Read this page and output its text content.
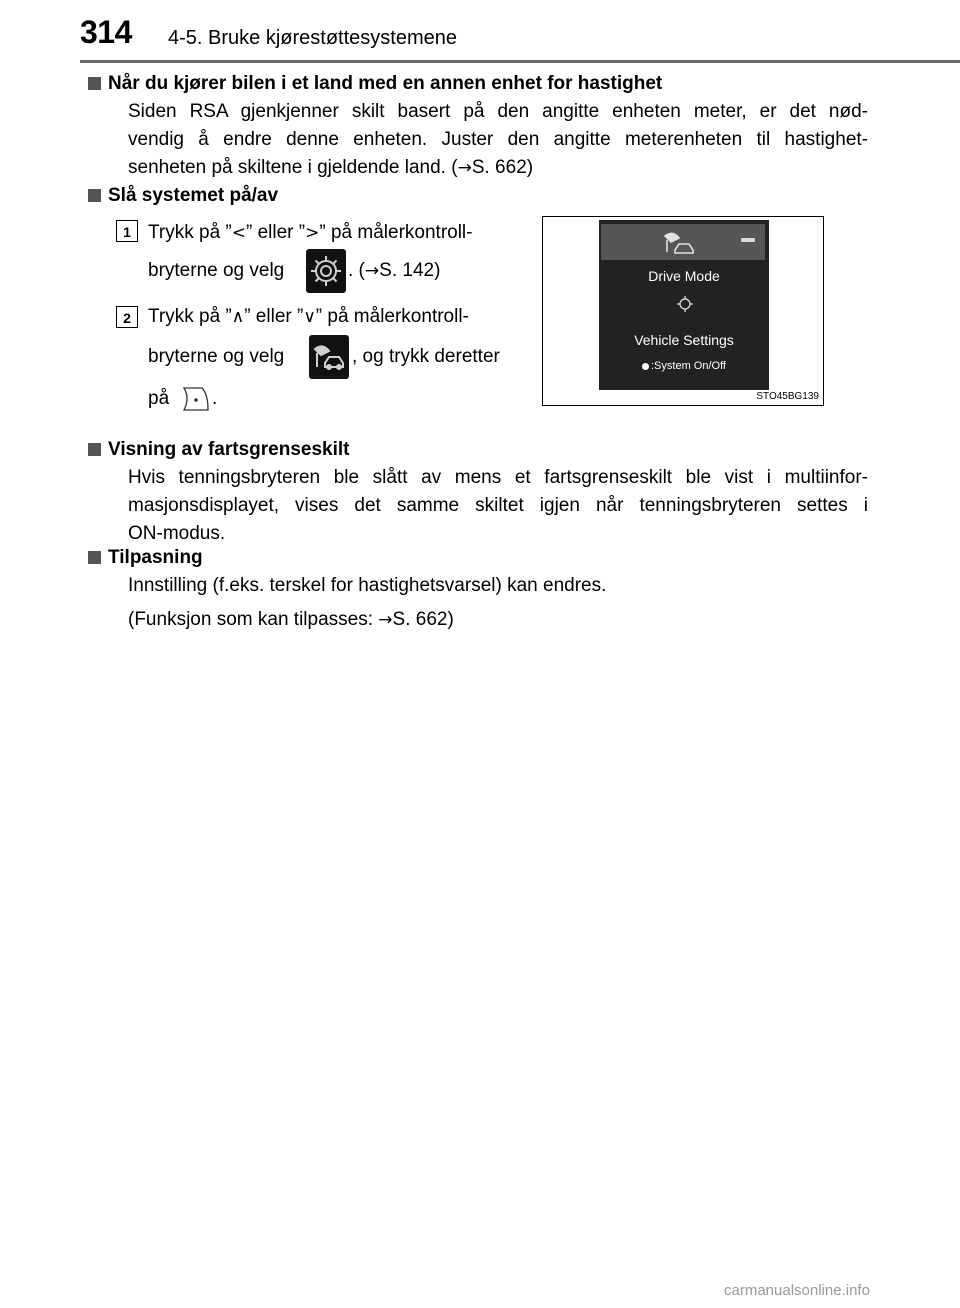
314 4-5. Bruke kjørestøttesystemene
Når du kjører bilen i et land med en annen enhet for hastighet
Siden RSA gjenkjenner skilt basert på den angitte enheten meter, er det nød-
vendig å endre denne enheten. Juster den angitte meterenheten til hastighet-
senheten på skiltene i gjeldende land. (→S. 662)
Slå systemet på/av
1 Trykk på ”<” eller ”>” på målerkontroll-
bryterne og velg	. (→S. 142)
2 Trykk på ”∧” eller ”∨” på målerkontroll-
bryterne og velg	, og trykk deretter
på .
Drive Mode
Vehicle Settings
:System On/Off
STO45BG139
Visning av fartsgrenseskilt
Hvis tenningsbryteren ble slått av mens et fartsgrenseskilt ble vist i multiinfor-
masjonsdisplayet, vises det samme skiltet igjen når tenningsbryteren settes i
ON-modus.
Tilpasning
Innstilling (f.eks. terskel for hastighetsvarsel) kan endres.
(Funksjon som kan tilpasses: →S. 662)
carmanualsonline.info
